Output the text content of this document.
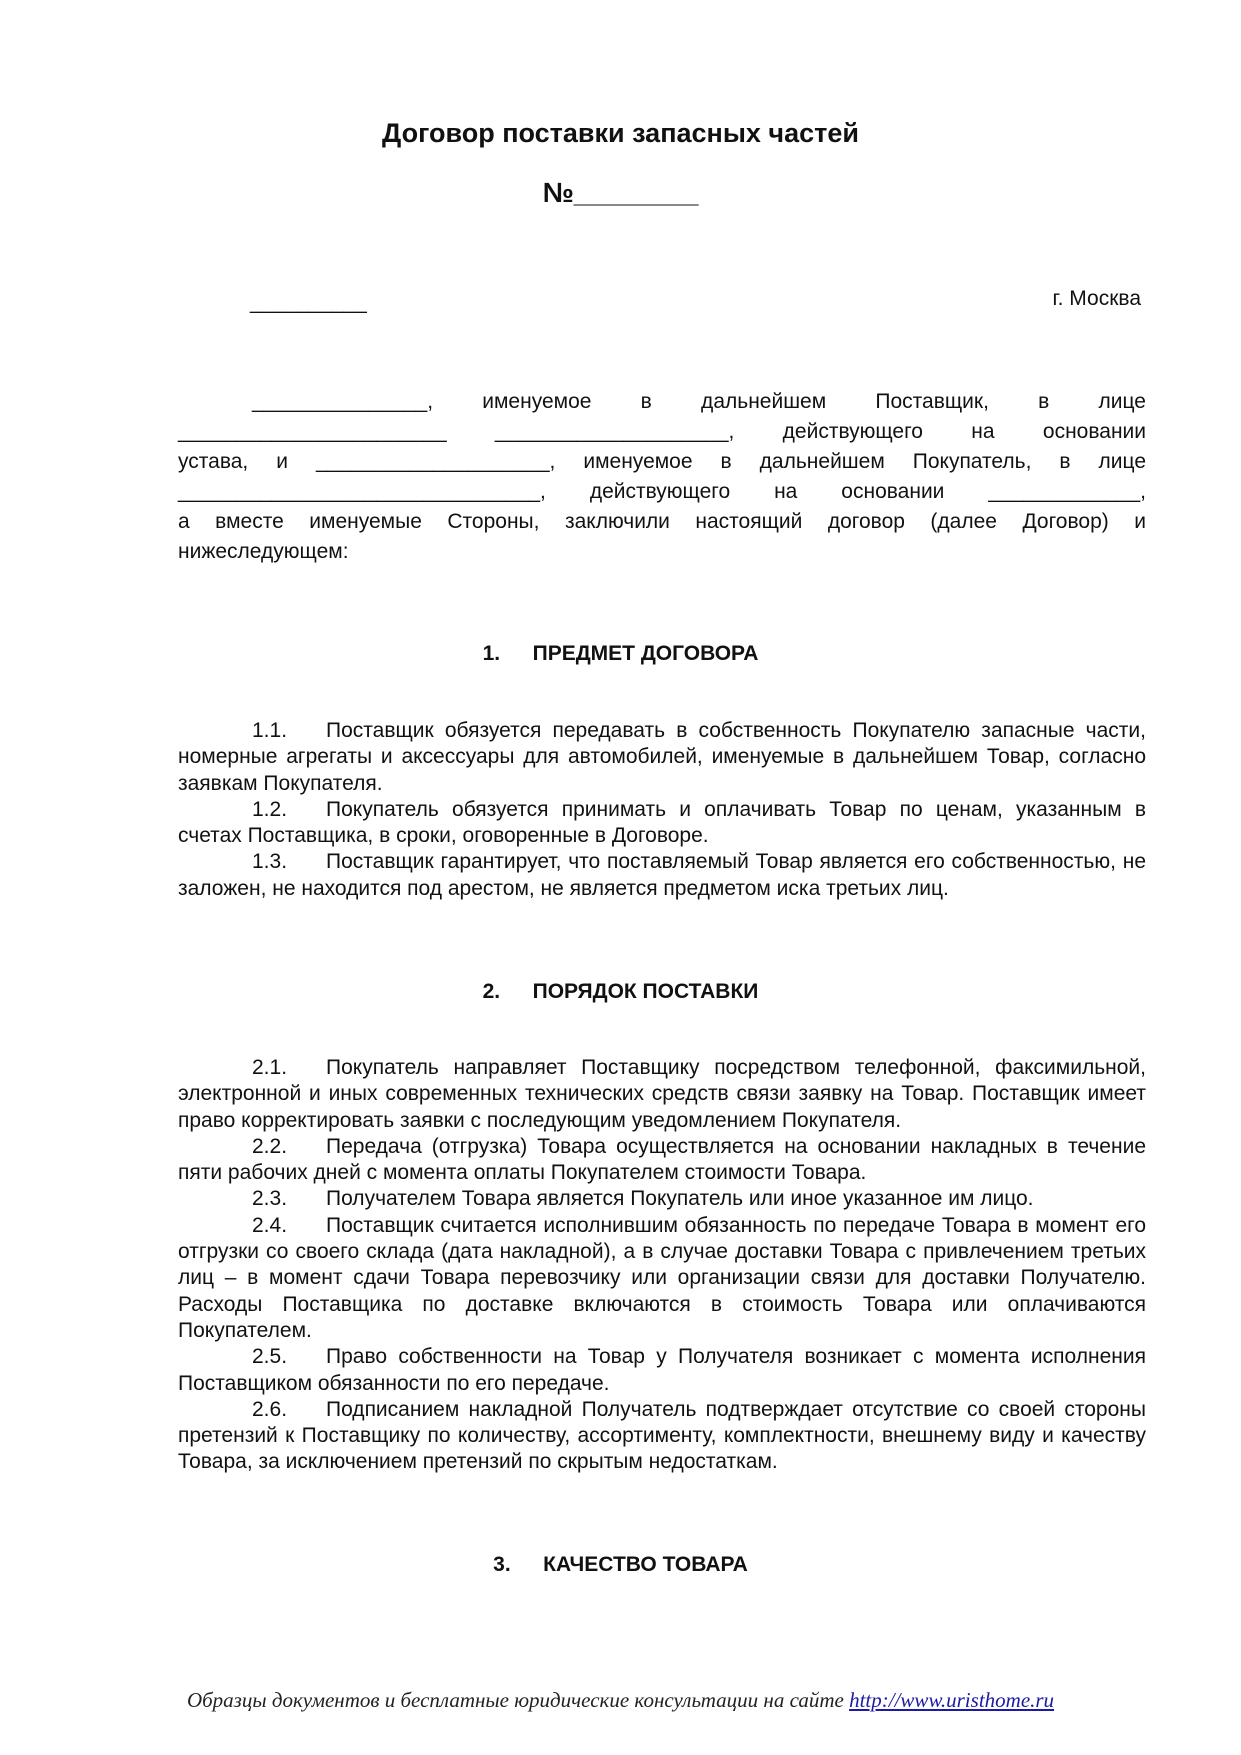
Договор поставки запасных частей
№________
__________	г. Москва
_______________, именуемое в дальнейшем Поставщик, в лице
_______________________ ____________________, действующего на основании
устава, и ____________________, именуемое в дальнейшем Покупатель, в лице
_______________________________, действующего на основании _____________,
а вместе именуемые Стороны, заключили настоящий договор (далее Договор) и
нижеследующем:
1. ПРЕДМЕТ ДОГОВОРА

1.1. Поставщик обязуется передавать в собственность Покупателю запасные части, номерные агрегаты и аксессуары для автомобилей, именуемые в дальнейшем Товар, согласно заявкам Покупателя.

1.2. Покупатель обязуется принимать и оплачивать Товар по ценам, указанным в счетах Поставщика, в сроки, оговоренные в Договоре.

1.3. Поставщик гарантирует, что поставляемый Товар является его собственностью, не заложен, не находится под арестом, не является предметом иска третьих лиц.

2. ПОРЯДОК ПОСТАВКИ

2.1. Покупатель направляет Поставщику посредством телефонной, факсимильной, электронной и иных современных технических средств связи заявку на Товар. Поставщик имеет право корректировать заявки с последующим уведомлением Покупателя.

2.2. Передача (отгрузка) Товара осуществляется на основании накладных в течение пяти рабочих дней с момента оплаты Покупателем стоимости Товара.

2.3. Получателем Товара является Покупатель или иное указанное им лицо.

2.4. Поставщик считается исполнившим обязанность по передаче Товара в момент его отгрузки со своего склада (дата накладной), а в случае доставки Товара с привлечением третьих лиц – в момент сдачи Товара перевозчику или организации связи для доставки Получателю. Расходы Поставщика по доставке включаются в стоимость Товара или оплачиваются Покупателем.

2.5. Право собственности на Товар у Получателя возникает с момента исполнения Поставщиком обязанности по его передаче.

2.6. Подписанием накладной Получатель подтверждает отсутствие со своей стороны претензий к Поставщику по количеству, ассортименту, комплектности, внешнему виду и качеству Товара, за исключением претензий по скрытым недостаткам.

3. КАЧЕСТВО ТОВАРА
Образцы документов и бесплатные юридические консультации на сайте http://www.uristhome.ru
